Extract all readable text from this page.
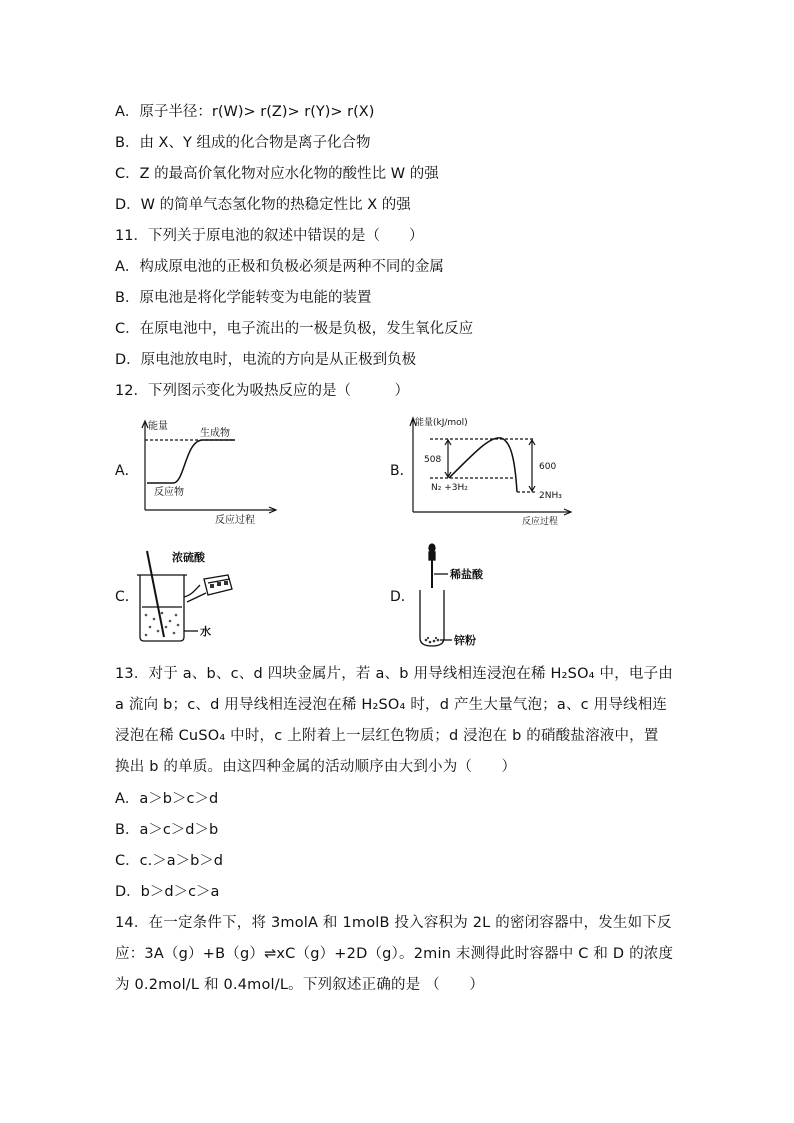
A．原子半径：r(W)> r(Z)> r(Y)> r(X)
B．由 X、Y 组成的化合物是离子化合物
C．Z 的最高价氧化物对应水化物的酸性比 W 的强
D．W 的简单气态氢化物的热稳定性比 X 的强
11．下列关于原电池的叙述中错误的是（　　）
A．构成原电池的正极和负极必须是两种不同的金属
B．原电池是将化学能转变为电能的装置
C．在原电池中，电子流出的一极是负极，发生氧化反应
D．原电池放电时，电流的方向是从正极到负极
12．下列图示变化为吸热反应的是（　　　）
A．	B．
C．	D．
能量
生成物
反应物
反应过程
能量(kJ/mol)
508
600
N₂ +3H₂
2NH₃
反应过程
浓硫酸
水
稀盐酸
锌粉
13．对于 a、b、c、d 四块金属片，若 a、b 用导线相连浸泡在稀 H₂SO₄ 中，电子由
a 流向 b；c、d 用导线相连浸泡在稀 H₂SO₄ 时，d 产生大量气泡；a、c 用导线相连
浸泡在稀 CuSO₄ 中时，c 上附着上一层红色物质；d 浸泡在 b 的硝酸盐溶液中，置
换出 b 的单质。由这四种金属的活动顺序由大到小为（　　）
A．a＞b＞c＞d
B．a＞c＞d＞b
C．c.＞a＞b＞d
D．b＞d＞c＞a
14．在一定条件下，将 3molA 和 1molB 投入容积为 2L 的密闭容器中，发生如下反
应：3A（g）+B（g）⇌xC（g）+2D（g）。2min 末测得此时容器中 C 和 D 的浓度
为 0.2mol/L 和 0.4mol/L。下列叙述正确的是 （　　）
